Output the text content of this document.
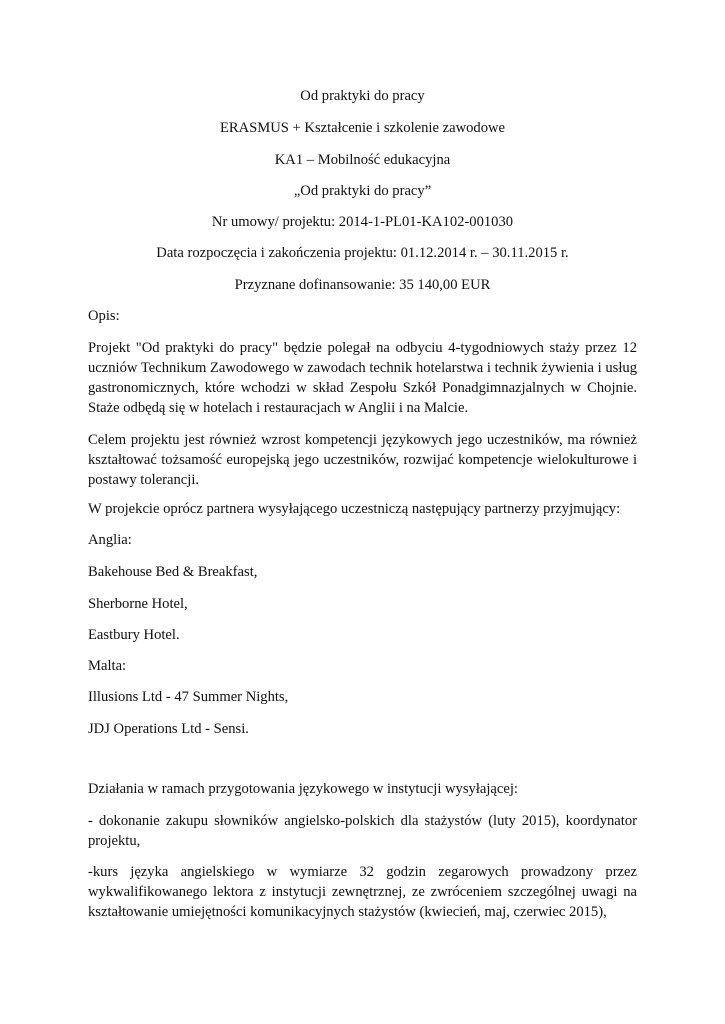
Od praktyki do pracy
ERASMUS + Kształcenie i szkolenie zawodowe
KA1 – Mobilność edukacyjna
„Od praktyki do pracy”
Nr umowy/ projektu: 2014-1-PL01-KA102-001030
Data rozpoczęcia i zakończenia projektu: 01.12.2014 r. – 30.11.2015 r.
Przyznane dofinansowanie: 35 140,00 EUR
Opis:
Projekt "Od praktyki do pracy" będzie polegał na odbyciu 4-tygodniowych staży przez 12
uczniów Technikum Zawodowego w zawodach technik hotelarstwa i technik żywienia i usług
gastronomicznych, które wchodzi w skład Zespołu Szkół Ponadgimnazjalnych w Chojnie.
Staże odbędą się w hotelach i restauracjach w Anglii i na Malcie.
Celem projektu jest również wzrost kompetencji językowych jego uczestników, ma również
kształtować tożsamość europejską jego uczestników, rozwijać kompetencje wielokulturowe i
postawy tolerancji.
W projekcie oprócz partnera wysyłającego uczestniczą następujący partnerzy przyjmujący:
Anglia:
Bakehouse Bed & Breakfast,
Sherborne Hotel,
Eastbury Hotel.
Malta:
Illusions Ltd - 47 Summer Nights,
JDJ Operations Ltd - Sensi.
Działania w ramach przygotowania językowego w instytucji wysyłającej:
- dokonanie zakupu słowników angielsko-polskich dla stażystów (luty 2015), koordynator
projektu,
-kurs języka angielskiego w wymiarze 32 godzin zegarowych prowadzony przez
wykwalifikowanego lektora z instytucji zewnętrznej, ze zwróceniem szczególnej uwagi na
kształtowanie umiejętności komunikacyjnych stażystów (kwiecień, maj, czerwiec 2015),
